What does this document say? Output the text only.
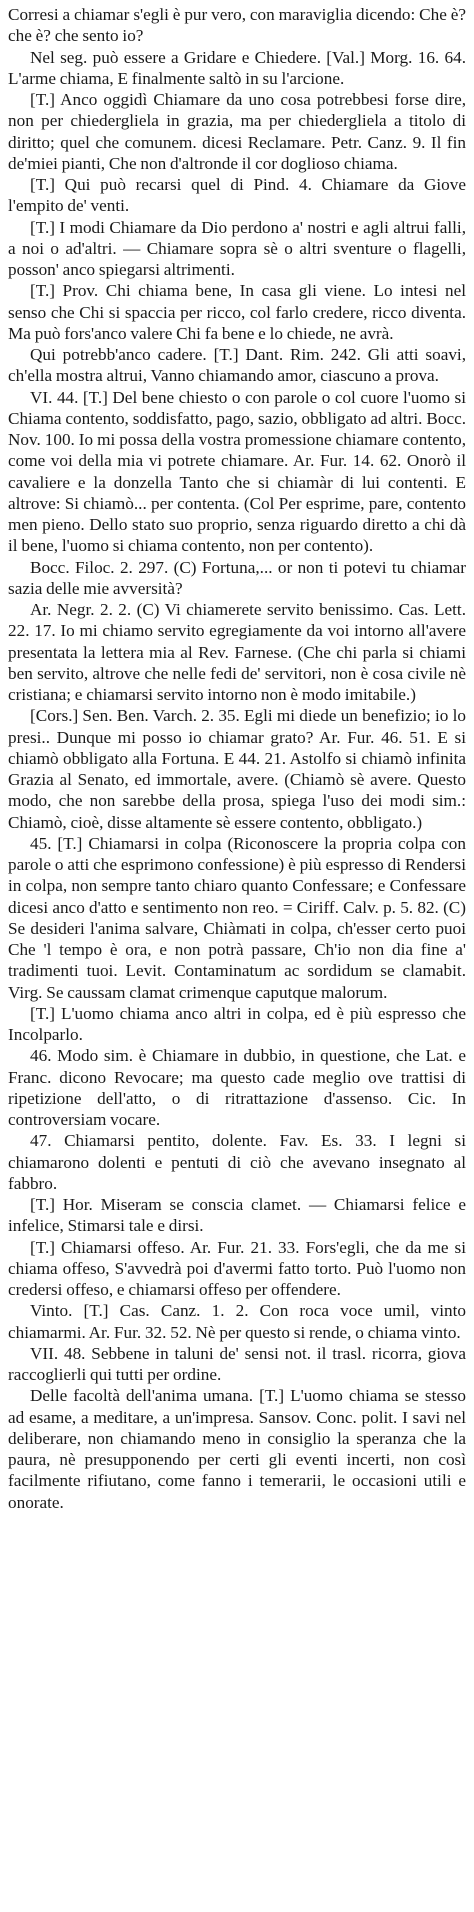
Corresi a chiamar s'egli è pur vero, con maraviglia dicendo: Che è? che è? che sento io?

Nel seg. può essere a Gridare e Chiedere. [Val.] Morg. 16. 64. L'arme chiama, E finalmente saltò in su l'arcione.

[T.] Anco oggidì Chiamare da uno cosa potrebbesi forse dire, non per chiedergliela in grazia, ma per chiedergliela a titolo di diritto; quel che comunem. dicesi Reclamare. Petr. Canz. 9. Il fin de'miei pianti, Che non d'altronde il cor doglioso chiama.

[T.] Qui può recarsi quel di Pind. 4. Chiamare da Giove l'empito de' venti.

[T.] I modi Chiamare da Dio perdono a' nostri e agli altrui falli, a noi o ad'altri. — Chiamare sopra sè o altri sventure o flagelli, posson' anco spiegarsi altrimenti.

[T.] Prov. Chi chiama bene, In casa gli viene. Lo intesi nel senso che Chi si spaccia per ricco, col farlo credere, ricco diventa. Ma può fors'anco valere Chi fa bene e lo chiede, ne avrà.

Qui potrebb'anco cadere. [T.] Dant. Rim. 242. Gli atti soavi, ch'ella mostra altrui, Vanno chiamando amor, ciascuno a prova.

VI. 44. [T.] Del bene chiesto o con parole o col cuore l'uomo si Chiama contento, soddisfatto, pago, sazio, obbligato ad altri. Bocc. Nov. 100. Io mi possa della vostra promessione chiamare contento, come voi della mia vi potrete chiamare. Ar. Fur. 14. 62. Onorò il cavaliere e la donzella Tanto che si chiamàr di lui contenti. E altrove: Si chiamò... per contenta. (Col Per esprime, pare, contento men pieno. Dello stato suo proprio, senza riguardo diretto a chi dà il bene, l'uomo si chiama contento, non per contento).

Bocc. Filoc. 2. 297. (C) Fortuna,... or non ti potevi tu chiamar sazia delle mie avversità?

Ar. Negr. 2. 2. (C) Vi chiamerete servito benissimo. Cas. Lett. 22. 17. Io mi chiamo servito egregiamente da voi intorno all'avere presentata la lettera mia al Rev. Farnese. (Che chi parla si chiami ben servito, altrove che nelle fedi de' servitori, non è cosa civile nè cristiana; e chiamarsi servito intorno non è modo imitabile.)

[Cors.] Sen. Ben. Varch. 2. 35. Egli mi diede un benefizio; io lo presi.. Dunque mi posso io chiamar grato? Ar. Fur. 46. 51. E si chiamò obbligato alla Fortuna. E 44. 21. Astolfo si chiamò infinita Grazia al Senato, ed immortale, avere. (Chiamò sè avere. Questo modo, che non sarebbe della prosa, spiega l'uso dei modi sim.: Chiamò, cioè, disse altamente sè essere contento, obbligato.)

45. [T.] Chiamarsi in colpa (Riconoscere la propria colpa con parole o atti che esprimono confessione) è più espresso di Rendersi in colpa, non sempre tanto chiaro quanto Confessare; e Confessare dicesi anco d'atto e sentimento non reo. = Ciriff. Calv. p. 5. 82. (C) Se desideri l'anima salvare, Chiàmati in colpa, ch'esser certo puoi Che 'l tempo è ora, e non potrà passare, Ch'io non dia fine a' tradimenti tuoi. Levit. Contaminatum ac sordidum se clamabit. Virg. Se caussam clamat crimenque caputque malorum.

[T.] L'uomo chiama anco altri in colpa, ed è più espresso che Incolparlo.

46. Modo sim. è Chiamare in dubbio, in questione, che Lat. e Franc. dicono Revocare; ma questo cade meglio ove trattisi di ripetizione dell'atto, o di ritrattazione d'assenso. Cic. In controversiam vocare.

47. Chiamarsi pentito, dolente. Fav. Es. 33. I legni si chiamarono dolenti e pentuti di ciò che avevano insegnato al fabbro.

[T.] Hor. Miseram se conscia clamet. — Chiamarsi felice e infelice, Stimarsi tale e dirsi.

[T.] Chiamarsi offeso. Ar. Fur. 21. 33. Fors'egli, che da me si chiama offeso, S'avvedrà poi d'avermi fatto torto. Può l'uomo non credersi offeso, e chiamarsi offeso per offendere.

Vinto. [T.] Cas. Canz. 1. 2. Con roca voce umil, vinto chiamarmi. Ar. Fur. 32. 52. Nè per questo si rende, o chiama vinto.

VII. 48. Sebbene in taluni de' sensi not. il trasl. ricorra, giova raccoglierli qui tutti per ordine.

Delle facoltà dell'anima umana. [T.] L'uomo chiama se stesso ad esame, a meditare, a un'impresa. Sansov. Conc. polit. I savi nel deliberare, non chiamando meno in consiglio la speranza che la paura, nè presupponendo per certi gli eventi incerti, non così facilmente rifiutano, come fanno i temerarii, le occasioni utili e onorate.
